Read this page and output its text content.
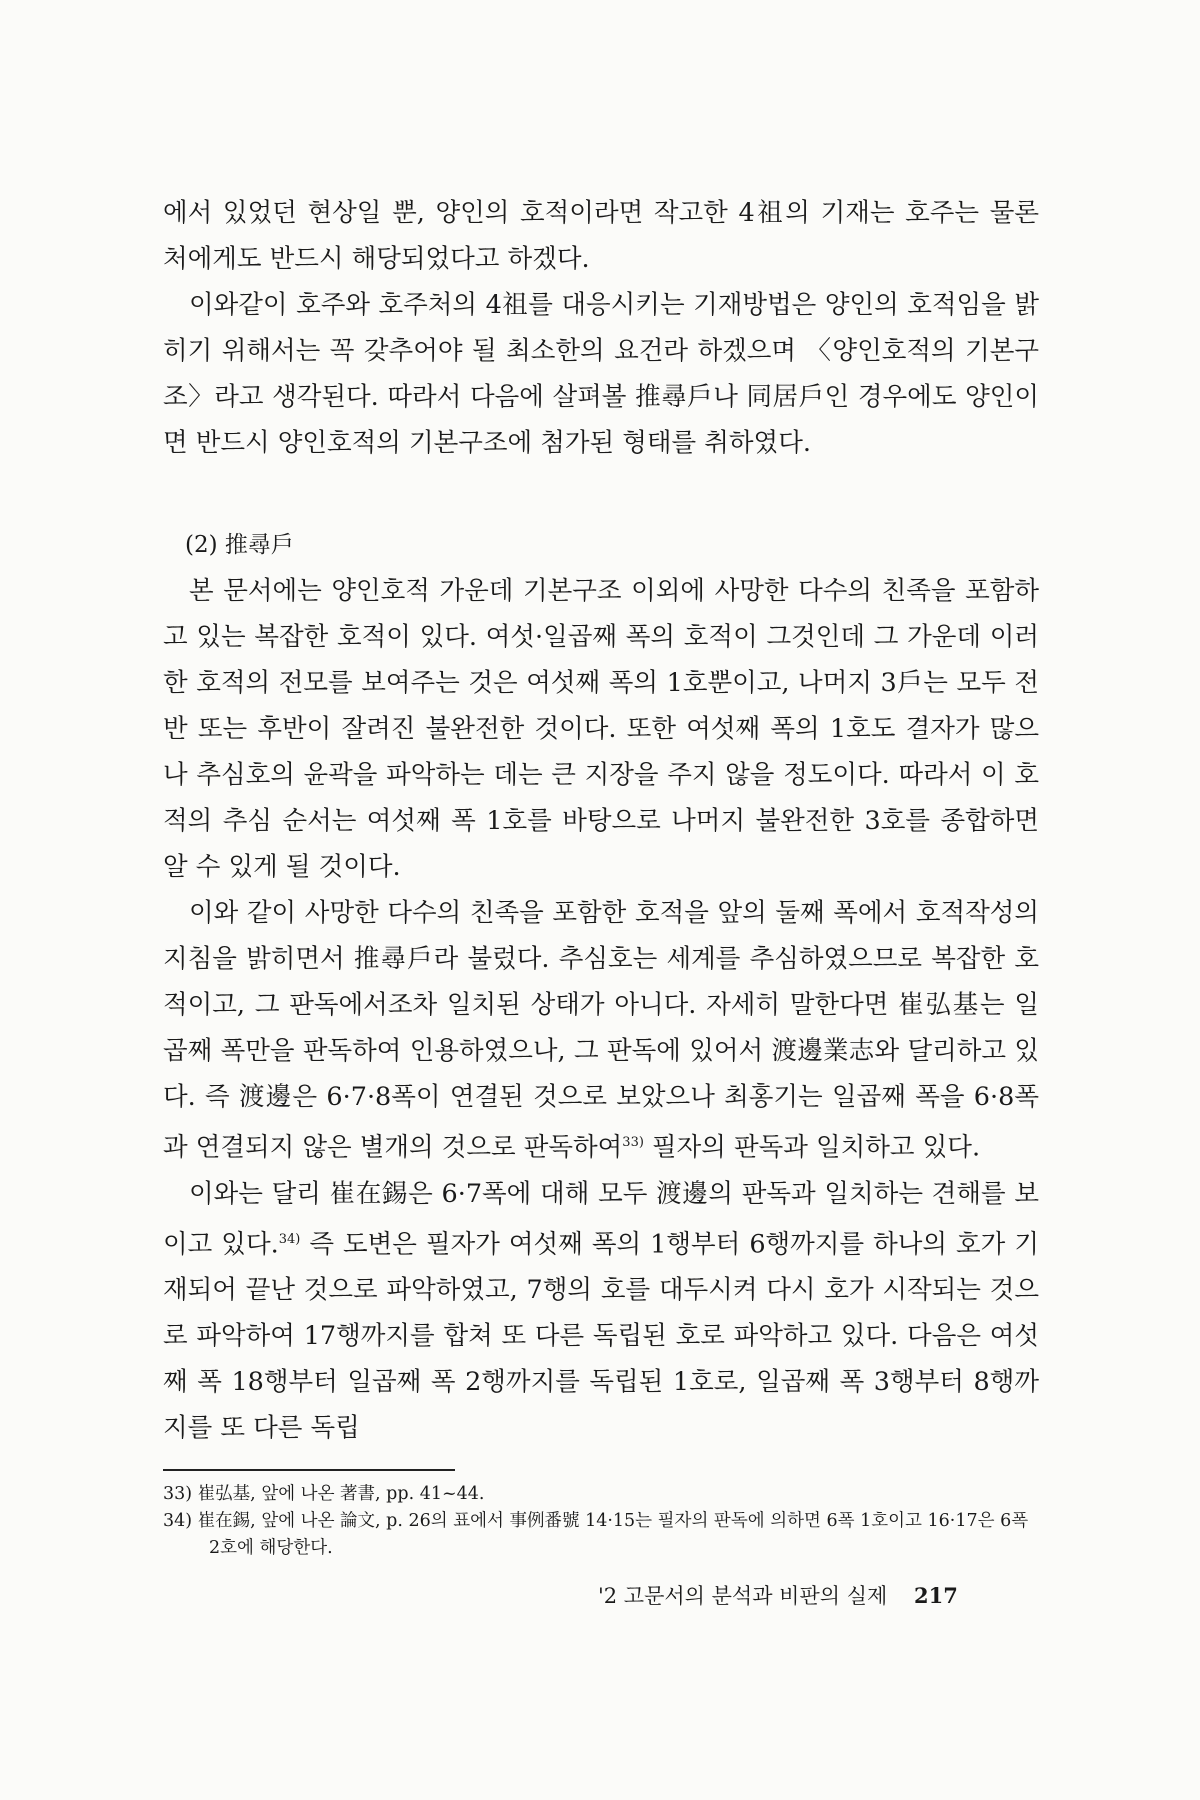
에서 있었던 현상일 뿐, 양인의 호적이라면 작고한 4祖의 기재는 호주는 물론 처에게도 반드시 해당되었다고 하겠다.

이와같이 호주와 호주처의 4祖를 대응시키는 기재방법은 양인의 호적임을 밝히기 위해서는 꼭 갖추어야 될 최소한의 요건라 하겠으며 〈양인호적의 기본구조〉라고 생각된다. 따라서 다음에 살펴볼 推尋戶나 同居戶인 경우에도 양인이면 반드시 양인호적의 기본구조에 첨가된 형태를 취하였다.

(2) 推尋戶

본 문서에는 양인호적 가운데 기본구조 이외에 사망한 다수의 친족을 포함하고 있는 복잡한 호적이 있다. 여섯·일곱째 폭의 호적이 그것인데 그 가운데 이러한 호적의 전모를 보여주는 것은 여섯째 폭의 1호뿐이고, 나머지 3戶는 모두 전반 또는 후반이 잘려진 불완전한 것이다. 또한 여섯째 폭의 1호도 결자가 많으나 추심호의 윤곽을 파악하는 데는 큰 지장을 주지 않을 정도이다. 따라서 이 호적의 추심 순서는 여섯째 폭 1호를 바탕으로 나머지 불완전한 3호를 종합하면 알 수 있게 될 것이다.

이와 같이 사망한 다수의 친족을 포함한 호적을 앞의 둘째 폭에서 호적작성의 지침을 밝히면서 推尋戶라 불렀다. 추심호는 세계를 추심하였으므로 복잡한 호적이고, 그 판독에서조차 일치된 상태가 아니다. 자세히 말한다면 崔弘基는 일곱째 폭만을 판독하여 인용하였으나, 그 판독에 있어서 渡邊業志와 달리하고 있다. 즉 渡邊은 6·7·8폭이 연결된 것으로 보았으나 최홍기는 일곱째 폭을 6·8폭과 연결되지 않은 별개의 것으로 판독하여$^{33)}$ 필자의 판독과 일치하고 있다.

이와는 달리 崔在錫은 6·7폭에 대해 모두 渡邊의 판독과 일치하는 견해를 보이고 있다.$^{34)}$ 즉 도변은 필자가 여섯째 폭의 1행부터 6행까지를 하나의 호가 기재되어 끝난 것으로 파악하였고, 7행의 호를 대두시켜 다시 호가 시작되는 것으로 파악하여 17행까지를 합쳐 또 다른 독립된 호로 파악하고 있다. 다음은 여섯째 폭 18행부터 일곱째 폭 2행까지를 독립된 1호로, 일곱째 폭 3행부터 8행까지를 또 다른 독립

33) 崔弘基, 앞에 나온 著書, pp. 41~44.

34) 崔在錫, 앞에 나온 論文, p. 26의 표에서 事例番號 14·15는 필자의 판독에 의하면 6폭 1호이고 16·17은 6폭 2호에 해당한다.

'2 고문서의 분석과 비판의 실제 217
